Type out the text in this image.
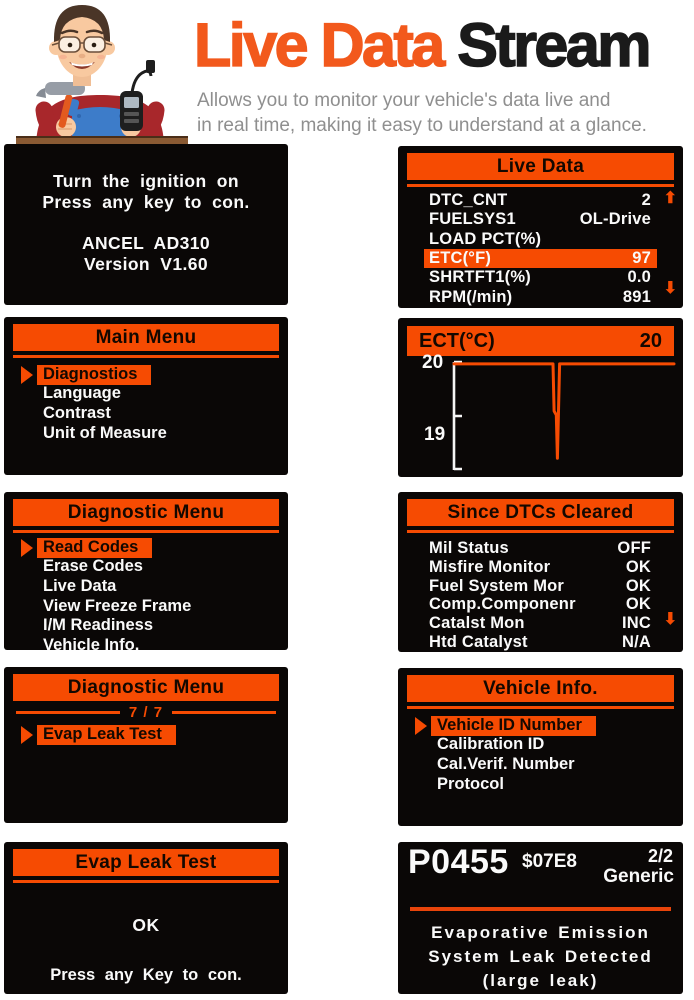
Live Data Stream
Allows you to monitor your vehicle's data live and
in real time, making it easy to understand at a glance.
Turn the ignition on
Press any key to con.
ANCEL AD310
Version V1.60
Live Data
DTC_CNT	2
FUELSYS1	OL-Drive
LOAD PCT(%)
ETC(°F)	97
SHRTFT1(%)	0.0
RPM(/min)	891
⬆
⬇
Main Menu
Diagnostios
Language
Contrast
Unit of Measure
ECT(°C)	20
20
19
Diagnostic Menu
Read Codes
Erase Codes
Live Data
View Freeze Frame
I/M Readiness
Vehicle Info.
Since DTCs Cleared
Mil Status	OFF
Misfire Monitor	OK
Fuel System Mor	OK
Comp.Componenr	OK
Catalst Mon	INC
Htd Catalyst	N/A
⬇
Diagnostic Menu
7 / 7
Evap Leak Test
Vehicle Info.
Vehicle ID Number
Calibration ID
Cal.Verif. Number
Protocol
Evap Leak Test
OK
Press any Key to con.
P0455 $07E8	2/2
Generic
Evaporative Emission
System Leak Detected
(large leak)
